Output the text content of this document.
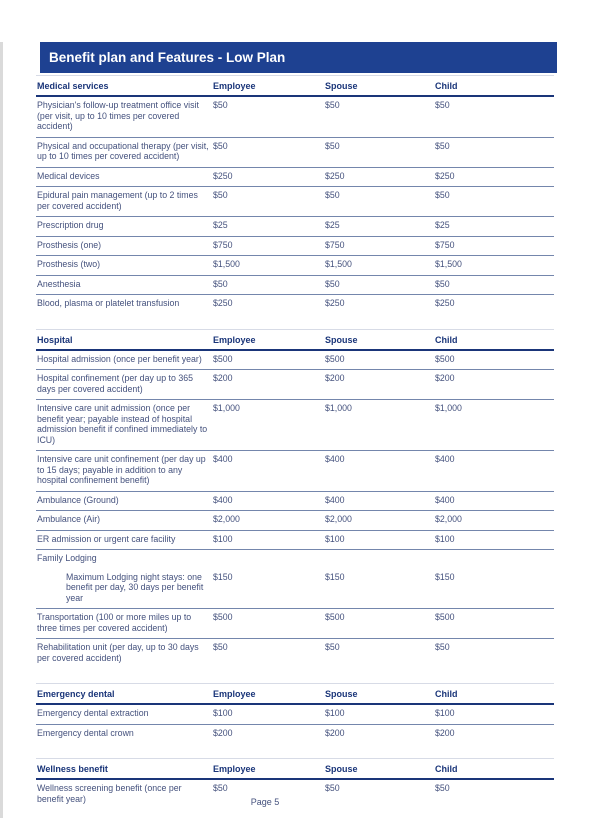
Benefit plan and Features - Low Plan
Medical services	Employee	Spouse	Child
Physician's follow-up treatment office visit (per visit, up to 10 times per covered accident)	$50	$50	$50
Physical and occupational therapy (per visit, up to 10 times per covered accident)	$50	$50	$50
Medical devices	$250	$250	$250
Epidural pain management (up to 2 times per covered accident)	$50	$50	$50
Prescription drug	$25	$25	$25
Prosthesis (one)	$750	$750	$750
Prosthesis (two)	$1,500	$1,500	$1,500
Anesthesia	$50	$50	$50
Blood, plasma or platelet transfusion	$250	$250	$250
Hospital	Employee	Spouse	Child
Hospital admission (once per benefit year)	$500	$500	$500
Hospital confinement (per day up to 365 days per covered accident)	$200	$200	$200
Intensive care unit admission (once per benefit year; payable instead of hospital admission benefit if confined immediately to ICU)	$1,000	$1,000	$1,000
Intensive care unit confinement (per day up to 15 days; payable in addition to any hospital confinement benefit)	$400	$400	$400
Ambulance (Ground)	$400	$400	$400
Ambulance (Air)	$2,000	$2,000	$2,000
ER admission or urgent care facility	$100	$100	$100
Family Lodging			
Maximum Lodging night stays: one benefit per day, 30 days per benefit year	$150	$150	$150
Transportation (100 or more miles up to three times per covered accident)	$500	$500	$500
Rehabilitation unit (per day, up to 30 days per covered accident)	$50	$50	$50
Emergency dental	Employee	Spouse	Child
Emergency dental extraction	$100	$100	$100
Emergency dental crown	$200	$200	$200
Wellness benefit	Employee	Spouse	Child
Wellness screening benefit (once per benefit year)	$50	$50	$50
Page 5
